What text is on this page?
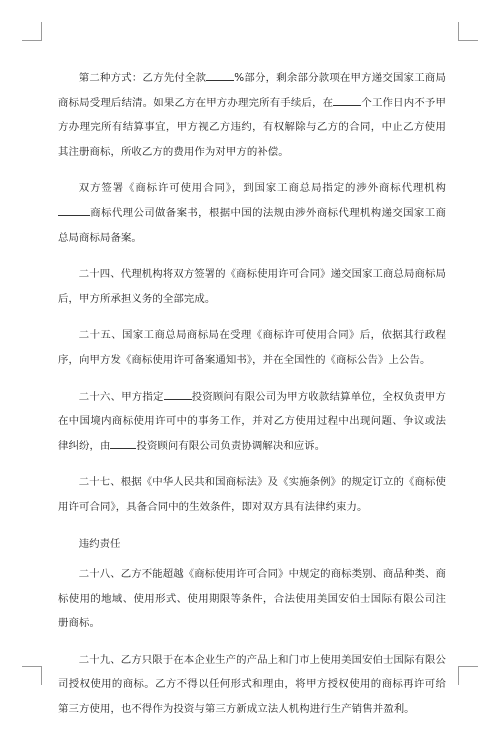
第二种方式：乙方先付全款	%部分，剩余部分款项在甲方递交国家工商局商标局受理后结清。如果乙方在甲方办理完所有手续后，在	个工作日内不予甲方办理完所有结算事宜，甲方视乙方违约，有权解除与乙方的合同，中止乙方使用其注册商标，所收乙方的费用作为对甲方的补偿。

双方签署《商标许可使用合同》，到国家工商总局指定的涉外商标代理机构商标代理公司做备案书，根据中国的法规由涉外商标代理机构递交国家工商总局商标局备案。

二十四、代理机构将双方签署的《商标使用许可合同》递交国家工商总局商标局后，甲方所承担义务的全部完成。

二十五、国家工商总局商标局在受理《商标许可使用合同》后，依据其行政程序，向甲方发《商标使用许可备案通知书》，并在全国性的《商标公告》上公告。

二十六、甲方指定	投资顾问有限公司为甲方收款结算单位，全权负责甲方在中国境内商标使用许可中的事务工作，并对乙方使用过程中出现问题、争议或法律纠纷，由	投资顾问有限公司负责协调解决和应诉。

二十七、根据《中华人民共和国商标法》及《实施条例》的规定订立的《商标使用许可合同》，具备合同中的生效条件，即对双方具有法律约束力。

违约责任

二十八、乙方不能超越《商标使用许可合同》中规定的商标类别、商品种类、商标使用的地域、使用形式、使用期限等条件，合法使用美国安伯士国际有限公司注册商标。

二十九、乙方只限于在本企业生产的产品上和门市上使用美国安伯士国际有限公司授权使用的商标。乙方不得以任何形式和理由，将甲方授权使用的商标再许可给第三方使用，也不得作为投资与第三方新成立法人机构进行生产销售并盈利。
